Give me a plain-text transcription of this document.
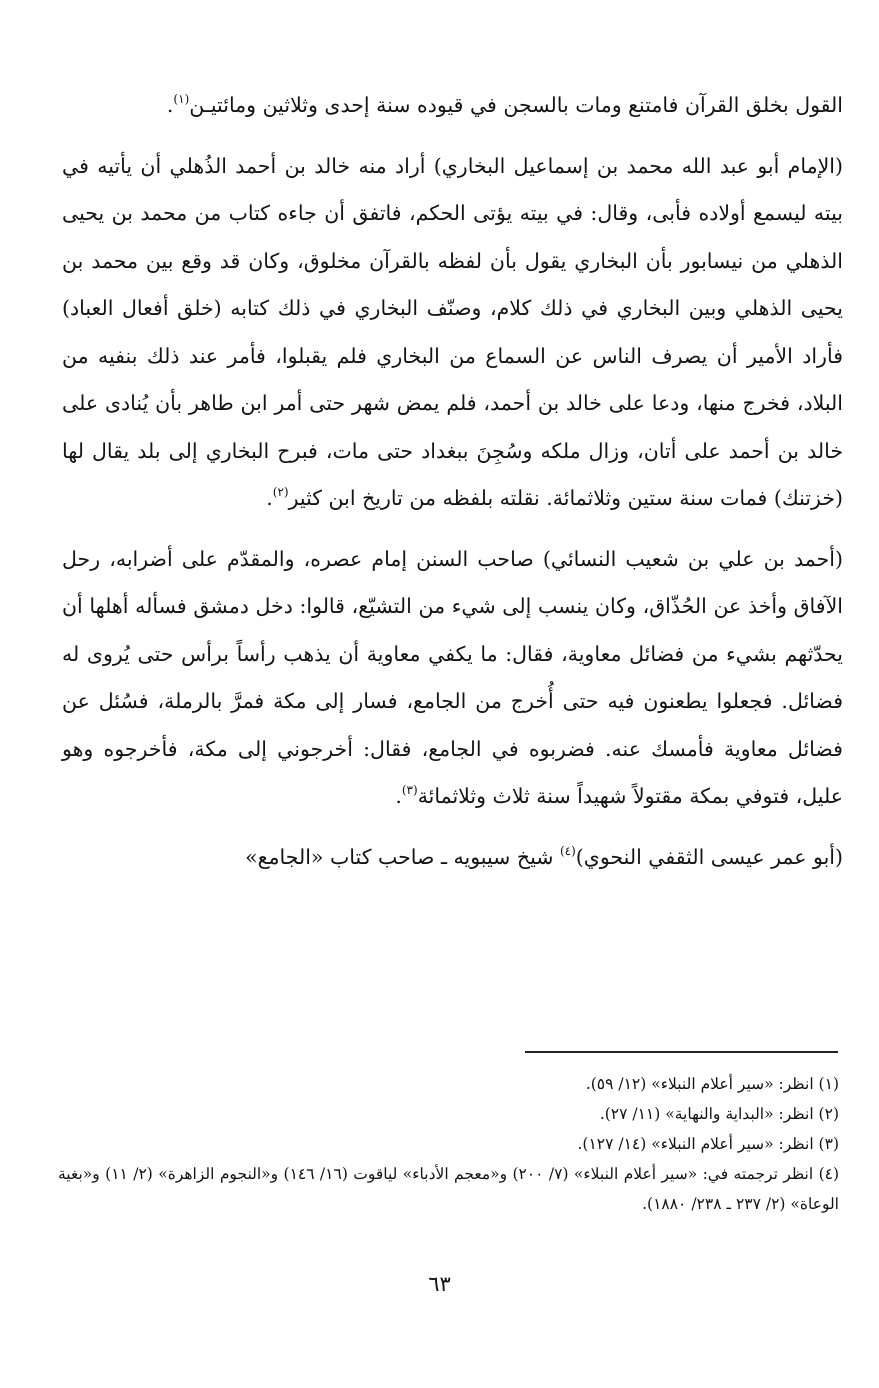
القول بخلق القرآن فامتنع ومات بالسجن في قيوده سنة إحدى وثلاثين ومائتيـن$^{(١)}$.

(الإمام أبو عبد الله محمد بن إسماعيل البخاري) أراد منه خالد بن أحمد الذُهلي أن يأتيه في بيته ليسمع أولاده فأبى، وقال: في بيته يؤتى الحكم، فاتفق أن جاءه كتاب من محمد بن يحيى الذهلي من نيسابور بأن البخاري يقول بأن لفظه بالقرآن مخلوق، وكان قد وقع بين محمد بن يحيى الذهلي وبين البخاري في ذلك كلام، وصنّف البخاري في ذلك كتابه (خلق أفعال العباد) فأراد الأمير أن يصرف الناس عن السماع من البخاري فلم يقبلوا، فأمر عند ذلك بنفيه من البلاد، فخرج منها، ودعا على خالد بن أحمد، فلم يمض شهر حتى أمر ابن طاهر بأن يُنادى على خالد بن أحمد على أتان، وزال ملكه وسُجِنَ ببغداد حتى مات، فبرح البخاري إلى بلد يقال لها (خزتنك) فمات سنة ستين وثلاثمائة. نقلته بلفظه من تاريخ ابن كثير$^{(٢)}$.

(أحمد بن علي بن شعيب النسائي) صاحب السنن إمام عصره، والمقدّم على أضرابه، رحل الآفاق وأخذ عن الحُذّاق، وكان ينسب إلى شيء من التشيّع، قالوا: دخل دمشق فسأله أهلها أن يحدّثهم بشيء من فضائل معاوية، فقال: ما يكفي معاوية أن يذهب رأساً برأس حتى يُروى له فضائل. فجعلوا يطعنون فيه حتى أُخرج من الجامع، فسار إلى مكة فمرَّ بالرملة، فسُئل عن فضائل معاوية فأمسك عنه. فضربوه في الجامع، فقال: أخرجوني إلى مكة، فأخرجوه وهو عليل، فتوفي بمكة مقتولاً شهيداً سنة ثلاث وثلاثمائة$^{(٣)}$.

(أبو عمر عيسى الثقفي النحوي)$^{(٤)}$ شيخ سيبويه ـ صاحب كتاب «الجامع»

(١) انظر: «سير أعلام النبلاء» (١٢/ ٥٩).

(٢) انظر: «البداية والنهاية» (١١/ ٢٧).

(٣) انظر: «سير أعلام النبلاء» (١٤/ ١٢٧).

(٤) انظر ترجمته في: «سير أعلام النبلاء» (٧/ ٢٠٠) و«معجم الأدباء» لياقوت (١٦/ ١٤٦) و«النجوم الزاهرة» (٢/ ١١) و«بغية الوعاة» (٢/ ٢٣٧ ـ ٢٣٨/ ١٨٨٠).

٦٣
